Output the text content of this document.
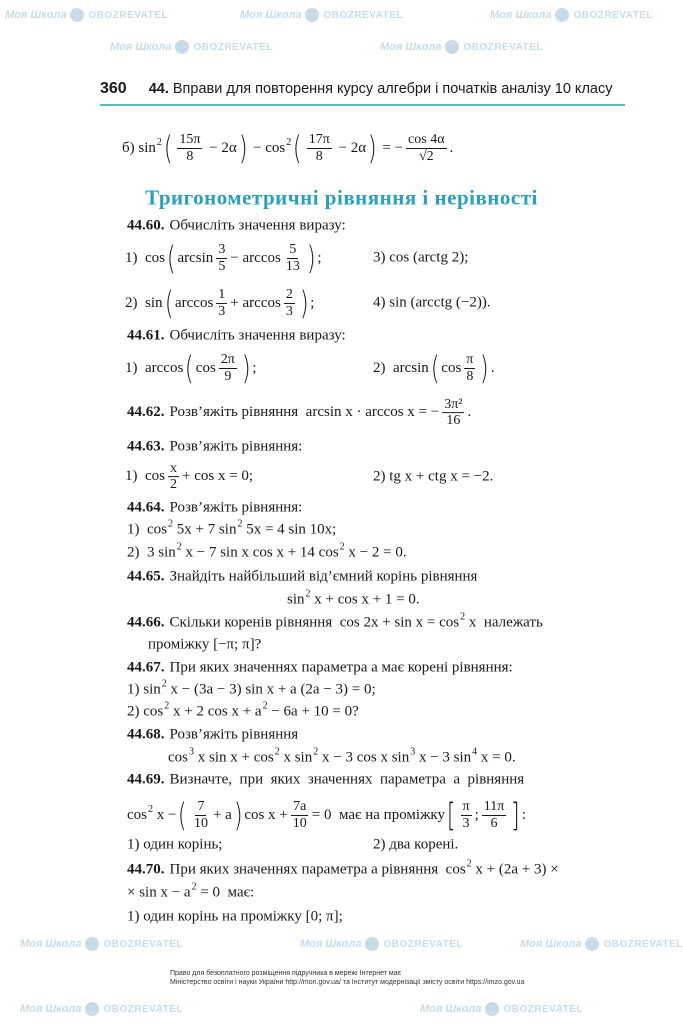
Моя Школа OBOZREVATEL	Моя Школа OBOZREVATEL	Моя Школа OBOZREVATEL
Моя Школа OBOZREVATEL	Моя Школа OBOZREVATEL
Моя Школа OBOZREVATEL	Моя Школа OBOZREVATEL	Моя Школа OBOZREVATEL
Моя Школа OBOZREVATEL	Моя Школа OBOZREVATEL
360 44. Вправи для повторення курсу алгебри і початків аналізу 10 класу
б) sin 2 ( $\frac{15\pi}{8} - 2\alpha$ ) − cos 2 ( $\frac{17\pi}{8} - 2\alpha$ ) = − $\frac{\cos 4\alpha}{√2}$ .
Тригонометричні рівняння і нерівності
44.60. Обчисліть значення виразу:
1)  cos ( $\arcsin \frac{3}{5} - \arccos \frac{5}{13}$ ) ;	3) cos (arctg 2);
2)  sin ( $\arccos \frac{1}{3} + \arccos \frac{2}{3}$ ) ;	4) sin (arcctg (−2)).
44.61. Обчисліть значення виразу:
1)  arccos ( $\cos \frac{2\pi}{9}$ ) ;	2)  arcsin ( $\cos \frac{\pi}{8}$ ) .
44.62. Розв’яжіть рівняння  arcsin x · arccos x = − $\frac{\text{3π²}}{16}$ .
44.63. Розв’яжіть рівняння:
1)  $\cos \frac{x}{2} + \cos x = 0$;	2) tg x + ctg x = −2.
44.64. Розв’яжіть рівняння:
1)  cos 2 5x + 7 sin 2 5x = 4 sin 10x;
2)  3 sin 2 x − 7 sin x cos x + 14 cos 2 x − 2 = 0.
44.65. Знайдіть найбільший від’ємний корінь рівняння
sin 2 x + cos x + 1 = 0.
44.66. Скільки коренів рівняння  cos 2x + sin x = cos 2 x  належать
проміжку [−π; π]?
44.67. При яких значеннях параметра a має корені рівняння:
1) sin 2 x − (3a − 3) sin x + a (2a − 3) = 0;
2) cos 2 x + 2 cos x + a 2 − 6a + 10 = 0?
44.68. Розв’яжіть рівняння
cos 3 x sin x + cos 2 x sin 2 x − 3 cos x sin 3 x − 3 sin 4 x = 0.
44.69. Визначте,  при  яких  значеннях  параметра  a  рівняння
cos 2 x − ( $\frac{7}{10} + a$ ) $\cos x + \frac{7a}{10} = 0$  має на проміжку [ $\frac{\pi}{3}$ ; $\frac{11\pi}{6}$ ] :
1) один корінь;	2) два корені.
44.70. При яких значеннях параметра a рівняння  cos 2 x + (2a + 3) ×
× sin x − a 2 = 0  має:
1) один корінь на проміжку [0; π];
Право для безоплатного розміщення підручника в мережі Інтернет має
Міністерство освіти і науки України http://mon.gov.ua/ та Інститут модернізації змісту освіти https://imzo.gov.ua
